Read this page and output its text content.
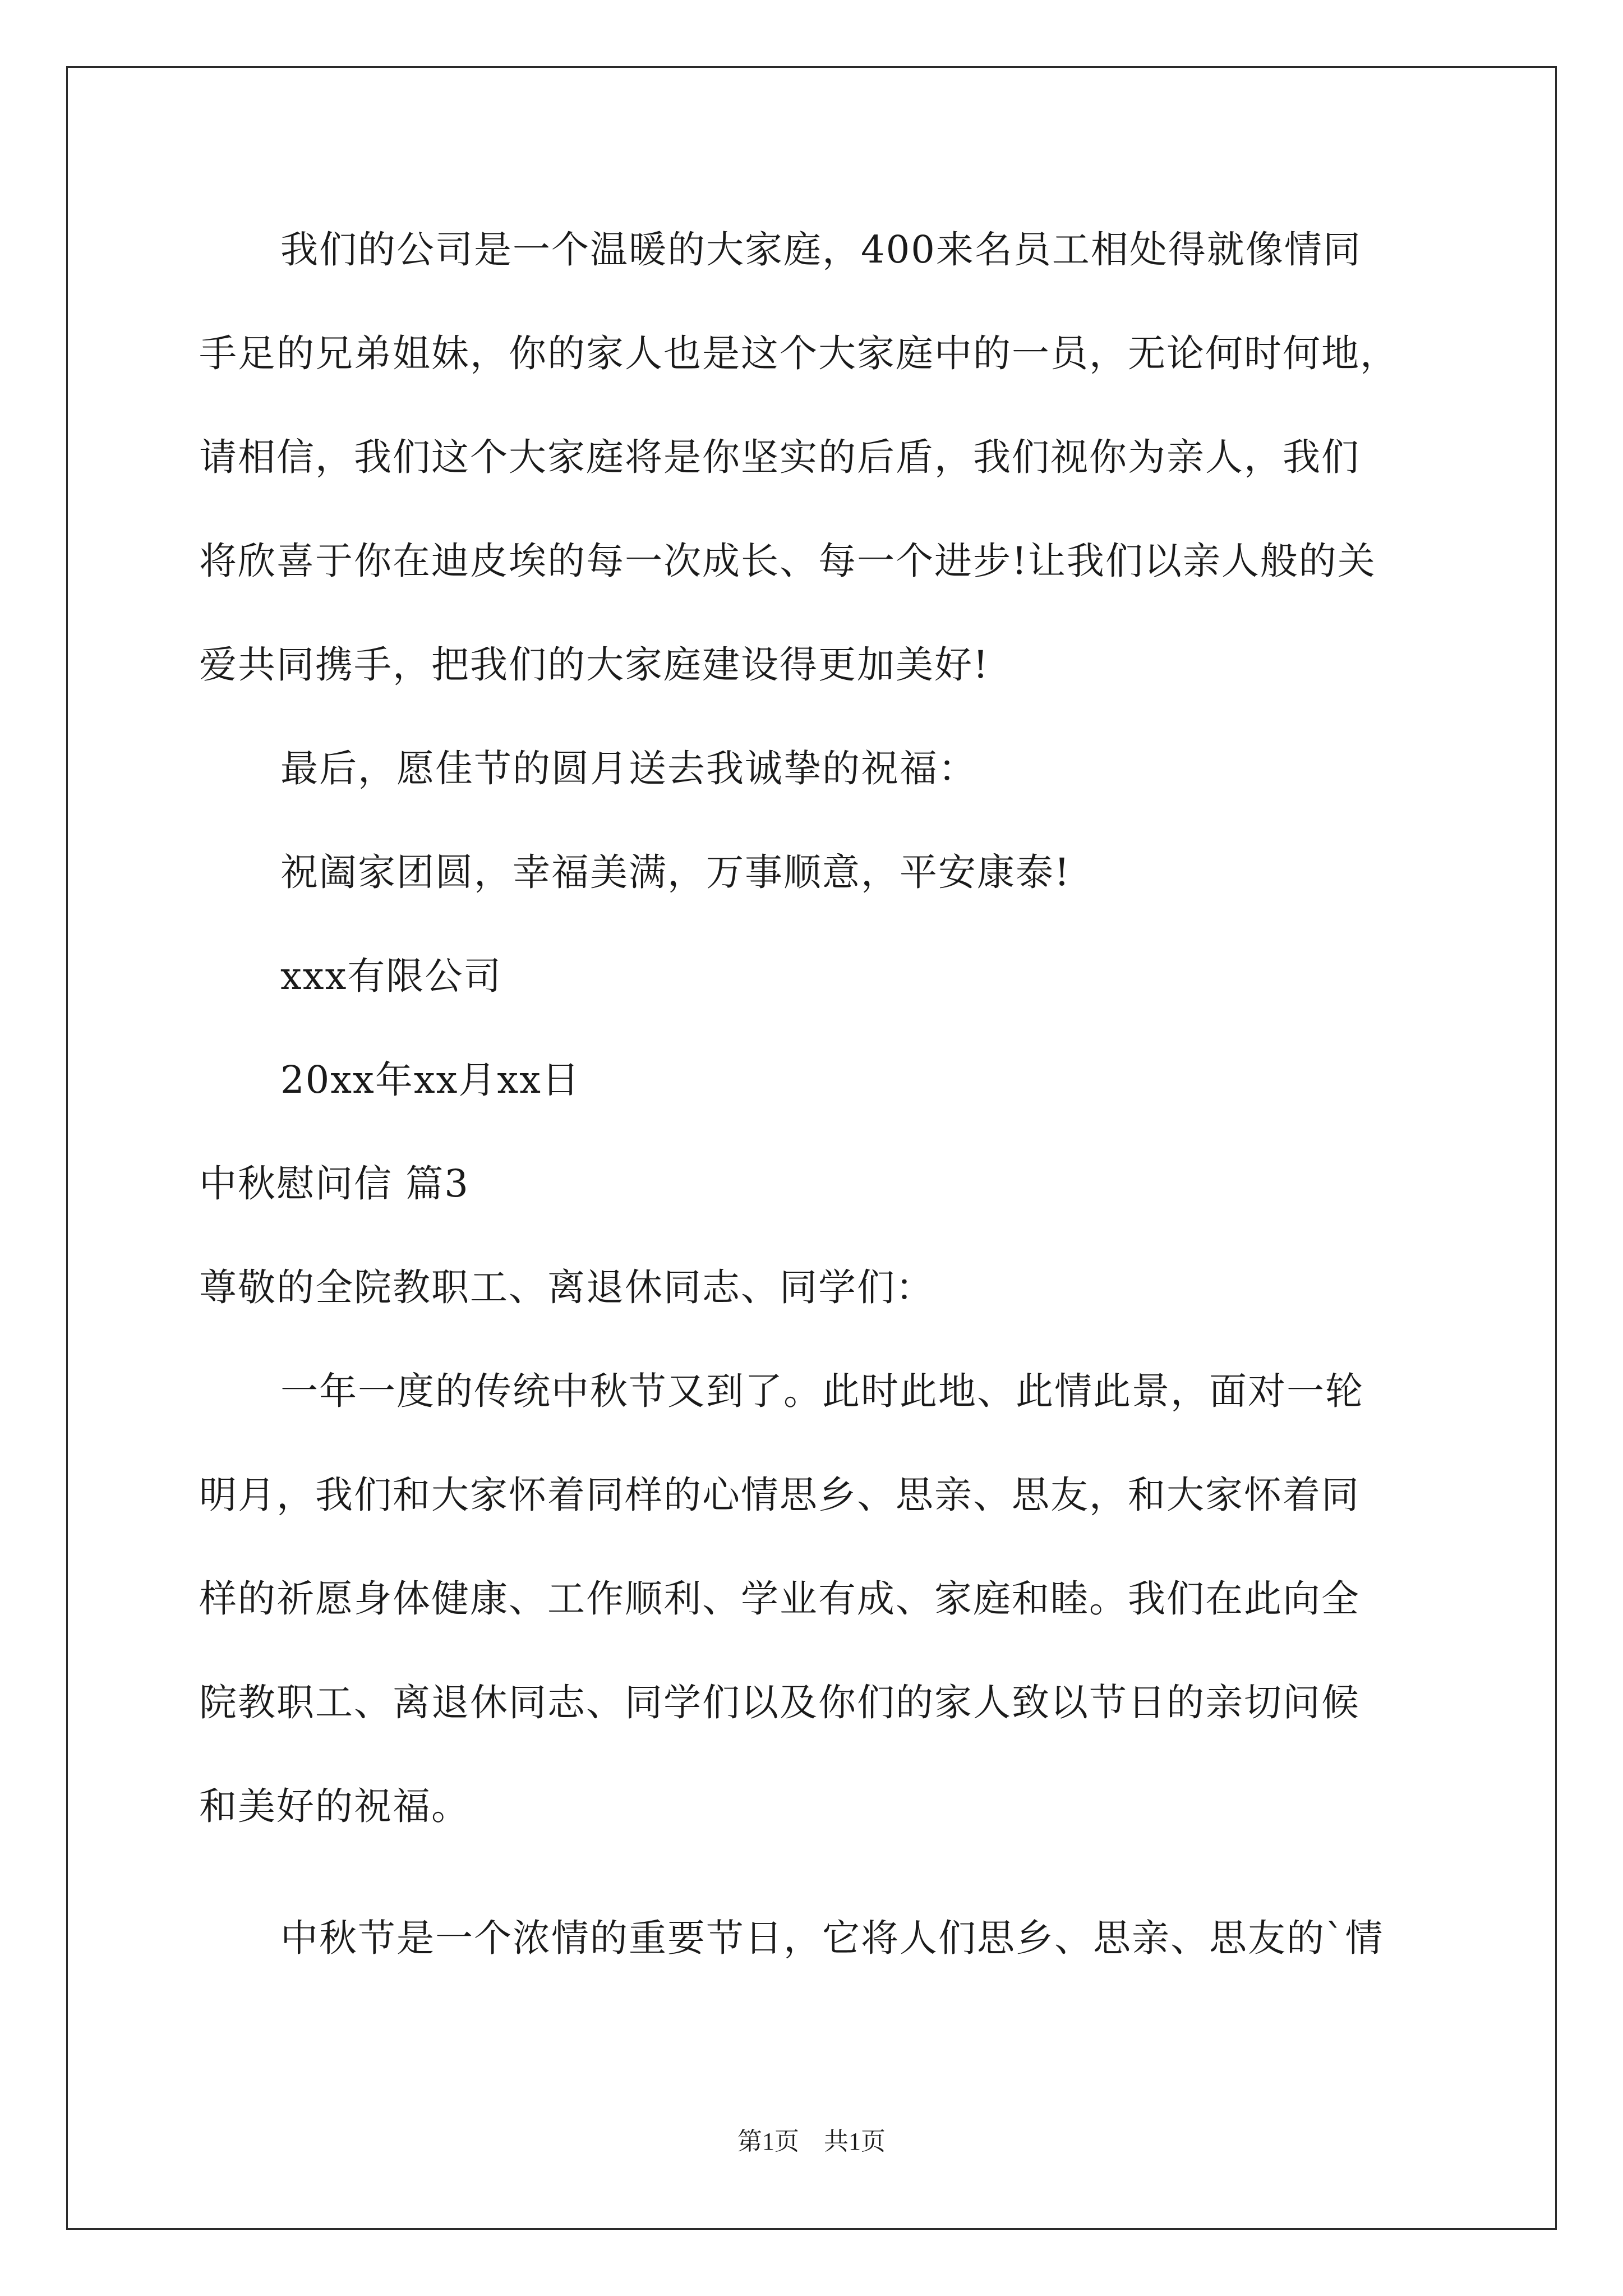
我们的公司是一个温暖的大家庭，400来名员工相处得就像情同

手足的兄弟姐妹，你的家人也是这个大家庭中的一员，无论何时何地，

请相信，我们这个大家庭将是你坚实的后盾，我们视你为亲人，我们

将欣喜于你在迪皮埃的每一次成长、每一个进步!让我们以亲人般的关

爱共同携手，把我们的大家庭建设得更加美好!

最后，愿佳节的圆月送去我诚挚的祝福：

祝阖家团圆，幸福美满，万事顺意，平安康泰!

xxx有限公司

20xx年xx月xx日

中秋慰问信 篇3

尊敬的全院教职工、离退休同志、同学们：

一年一度的传统中秋节又到了。此时此地、此情此景，面对一轮

明月，我们和大家怀着同样的心情思乡、思亲、思友，和大家怀着同

样的祈愿身体健康、工作顺利、学业有成、家庭和睦。我们在此向全

院教职工、离退休同志、同学们以及你们的家人致以节日的亲切问候

和美好的祝福。

中秋节是一个浓情的重要节日，它将人们思乡、思亲、思友的`情

第1页　共1页
